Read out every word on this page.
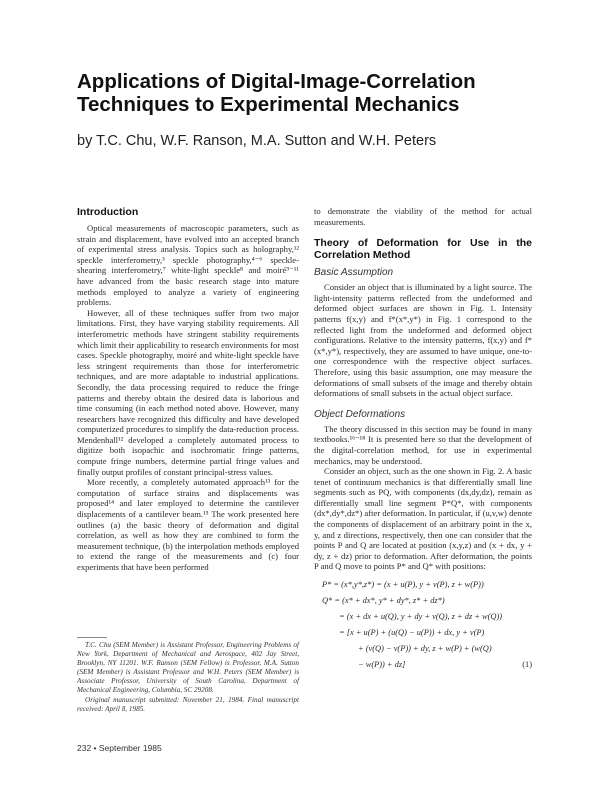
Applications of Digital-Image-Correlation
Techniques to Experimental Mechanics
by T.C. Chu, W.F. Ranson, M.A. Sutton and W.H. Peters
Introduction

Optical measurements of macroscopic parameters, such as strain and displacement, have evolved into an accepted branch of experimental stress analysis. Topics such as holography,¹² speckle interferometry,³ speckle photography,⁴⁻⁶ speckle-shearing interferometry,⁷ white-light speckle⁸ and moiré⁹⁻¹¹ have advanced from the basic research stage into mature methods employed to analyze a variety of engineering problems.

However, all of these techniques suffer from two major limitations. First, they have varying stability requirements. All interferometric methods have stringent stability requirements which limit their applicability to research environments for most cases. Speckle photography, moiré and white-light speckle have less stringent requirements than those for interferometric techniques, and are more adaptable to industrial applications. Secondly, the data processing required to reduce the fringe patterns and thereby obtain the desired data is laborious and time consuming (in each method noted above. However, many researchers have recognized this difficulty and have developed computerized procedures to simplify the data-reduction process. Mendenhall¹² developed a completely automated process to digitize both isopachic and isochromatic fringe patterns, compute fringe numbers, determine partial fringe values and finally output profiles of constant principal-stress values.

More recently, a completely automated approach¹³ for the computation of surface strains and displacements was proposed¹⁴ and later employed to determine the cantilever displacements of a cantilever beam.¹⁵ The work presented here outlines (a) the basic theory of deformation and digital correlation, as well as how they are combined to form the measurement technique, (b) the interpolation methods employed to extend the range of the measurements and (c) four experiments that have been performed

T.C. Chu (SEM Member) is Assistant Professor, Engineering Problems of New York, Department of Mechanical and Aerospace, 402 Jay Street, Brooklyn, NY 11201. W.F. Ranson (SEM Fellow) is Professor, M.A. Sutton (SEM Member) is Assistant Professor and W.H. Peters (SEM Member) is Associate Professor, University of South Carolina, Department of Mechanical Engineering, Columbia, SC 29208.

Original manuscript submitted: November 21, 1984. Final manuscript received: April 8, 1985.

to demonstrate the viability of the method for actual measurements.

Theory of Deformation for Use in the Correlation Method
Basic Assumption

Consider an object that is illuminated by a light source. The light-intensity patterns reflected from the undeformed and deformed object surfaces are shown in Fig. 1. Intensity patterns f(x,y) and f*(x*,y*) in Fig. 1 correspond to the reflected light from the undeformed and deformed object configurations. Relative to the intensity patterns, f(x,y) and f*(x*,y*), respectively, they are assumed to have unique, one-to-one correspondence with the respective object surfaces. Therefore, using this basic assumption, one may measure the deformations of small subsets of the image and thereby obtain deformations of small subsets in the actual object surface.

Object Deformations

The theory discussed in this section may be found in many textbooks.¹⁶⁻¹⁸ It is presented here so that the development of the digital-correlation method, for use in experimental mechanics, may be understood.

Consider an object, such as the one shown in Fig. 2. A basic tenet of continuum mechanics is that differentially small line segments such as PQ, with components (dx,dy,dz), remain as differentially small line segment P*Q*, with components (dx*,dy*,dz*) after deformation. In particular, if (u,v,w) denote the components of displacement of an arbitrary point in the x, y, and z directions, respectively, then one can consider that the points P and Q are located at position (x,y,z) and (x + dx, y + dy, z + dz) prior to deformation. After deformation, the points P and Q move to points P* and Q* with positions:

P* = (x*,y*,z*) = (x + u(P), y + v(P), z + w(P))
Q* = (x* + dx*, y* + dy*, z* + dz*)
= (x + dx + u(Q), y + dy + v(Q), z + dz + w(Q))
= [x + u(P) + (u(Q) − u(P)) + dx, y + v(P)
+ (v(Q) − v(P)) + dy, z + w(P) + (w(Q)
− w(P)) + dz]	(1)
232 • September 1985
